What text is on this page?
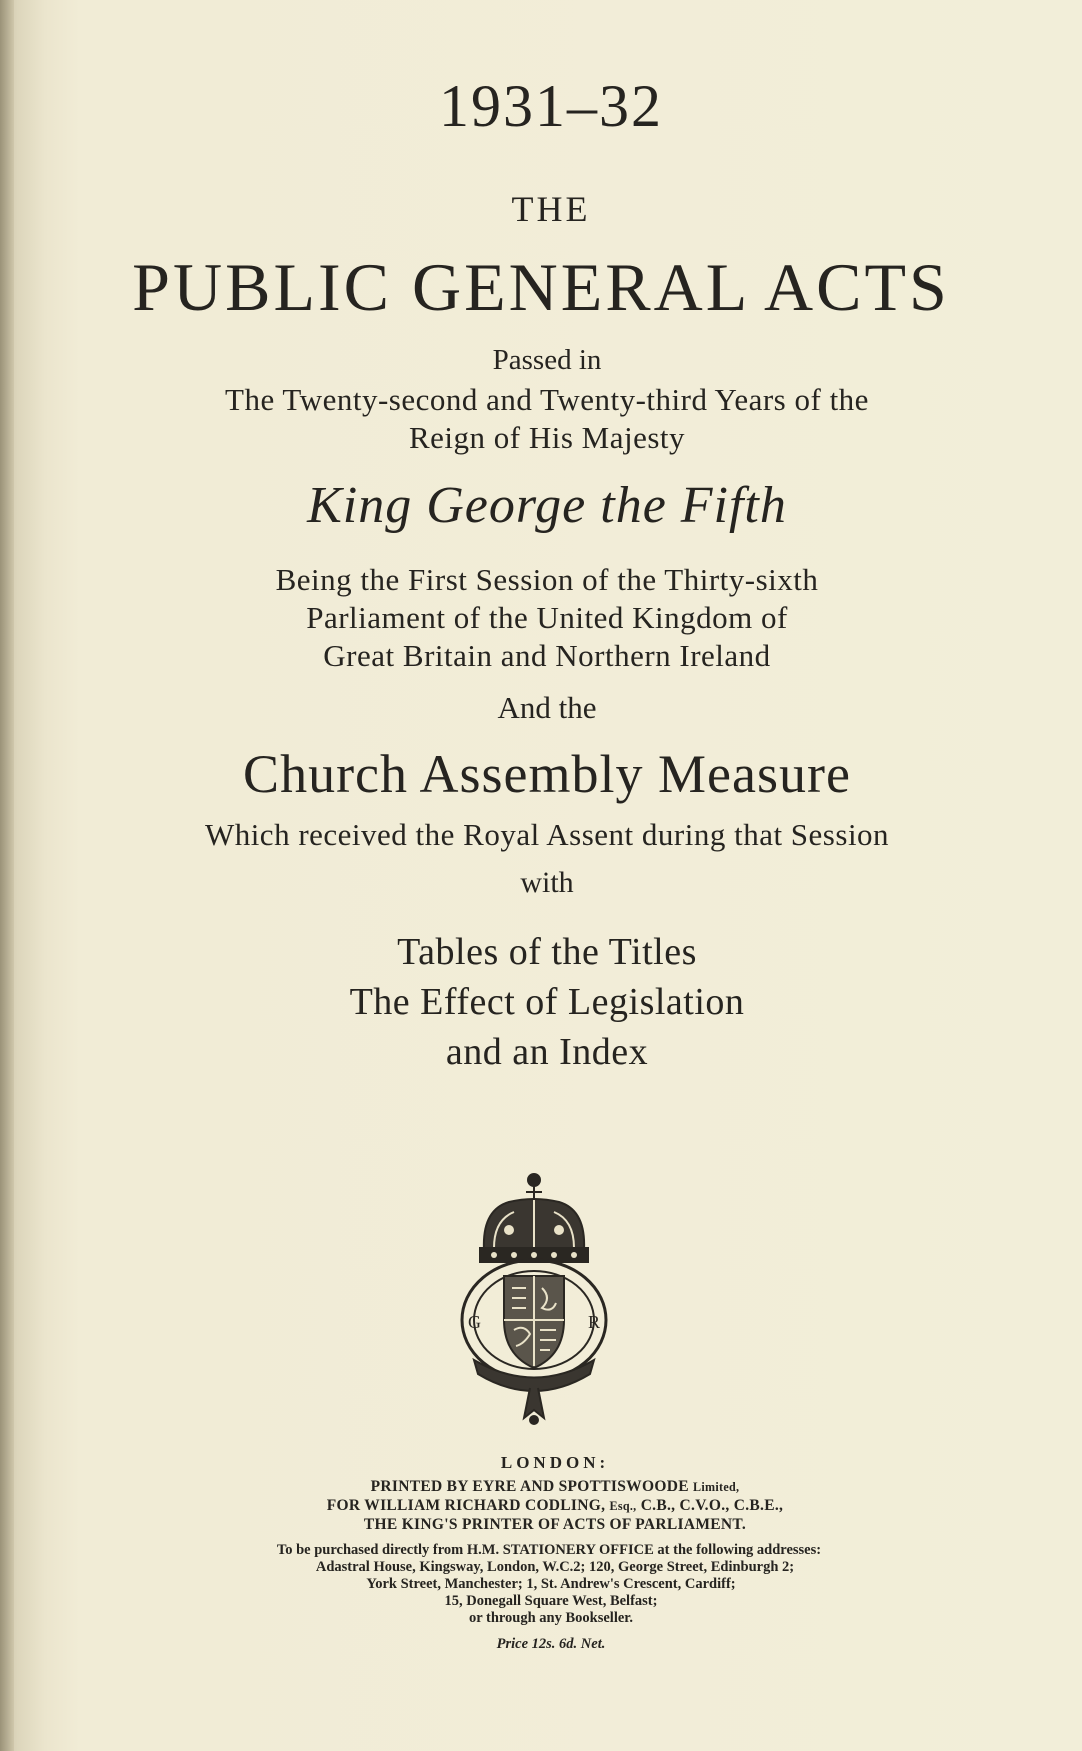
1931–32
THE
PUBLIC GENERAL ACTS
Passed in
The Twenty-second and Twenty-third Years of the
Reign of His Majesty
King George the Fifth
Being the First Session of the Thirty-sixth
Parliament of the United Kingdom of
Great Britain and Northern Ireland
And the
Church Assembly Measure
Which received the Royal Assent during that Session
with
Tables of the Titles
The Effect of Legislation
and an Index
G	R
LONDON:
PRINTED BY EYRE AND SPOTTISWOODE Limited,
FOR WILLIAM RICHARD CODLING, Esq., C.B., C.V.O., C.B.E.,
THE KING'S PRINTER OF ACTS OF PARLIAMENT.
To be purchased directly from H.M. STATIONERY OFFICE at the following addresses:
Adastral House, Kingsway, London, W.C.2; 120, George Street, Edinburgh 2;
York Street, Manchester; 1, St. Andrew's Crescent, Cardiff;
15, Donegall Square West, Belfast;
or through any Bookseller.
Price 12s. 6d. Net.
